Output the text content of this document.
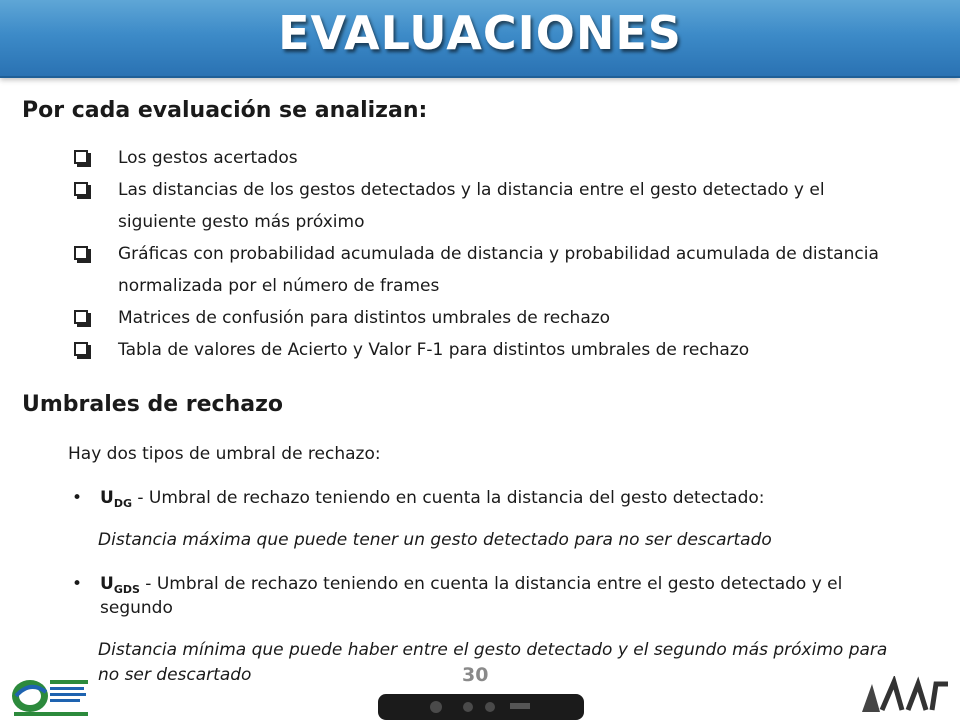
EVALUACIONES
Por cada evaluación se analizan:
Los gestos acertados
Las distancias de los gestos detectados y la distancia entre el gesto detectado y el siguiente gesto más próximo
Gráficas con probabilidad acumulada de distancia y probabilidad acumulada de distancia normalizada por el número de frames
Matrices de confusión para distintos umbrales de rechazo
Tabla de valores de Acierto y Valor F-1 para distintos umbrales de rechazo
Umbrales de rechazo
Hay dos tipos de umbral de rechazo:
• $U_{DG}$ - Umbral de rechazo teniendo en cuenta la distancia del gesto detectado:
Distancia máxima que puede tener un gesto detectado para no ser descartado
• $U_{GDS}$ - Umbral de rechazo teniendo en cuenta la distancia entre el gesto detectado y el segundo
Distancia mínima que puede haber entre el gesto detectado y el segundo más próximo para no ser descartado	30
